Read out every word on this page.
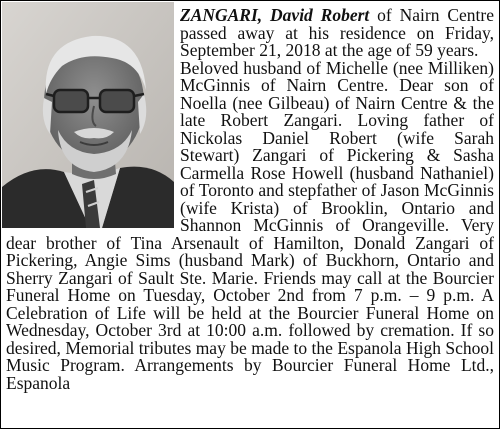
ZANGARI, David Robert of Nairn Centre passed away at his residence on Friday, September 21, 2018 at the age of 59 years.

Beloved husband of Michelle (nee Milliken) McGinnis of Nairn Centre. Dear son of Noella (nee Gilbeau) of Nairn Centre & the late Robert Zangari. Loving father of Nickolas Daniel Robert (wife Sarah Stewart) Zangari of Pickering & Sasha Carmella Rose Howell (husband Nathaniel) of Toronto and stepfather of Jason McGinnis (wife Krista) of Brooklin, Ontario and Shannon McGinnis of Orangeville. Very dear brother of Tina Arsenault of Hamilton, Donald Zangari of Pickering, Angie Sims (husband Mark) of Buckhorn, Ontario and Sherry Zangari of Sault Ste. Marie. Friends may call at the Bourcier Funeral Home on Tuesday, October 2nd from 7 p.m. – 9 p.m. A Celebration of Life will be held at the Bourcier Funeral Home on Wednesday, October 3rd at 10:00 a.m. followed by cremation. If so desired, Memorial tributes may be made to the Espanola High School Music Program. Arrangements by Bourcier Funeral Home Ltd., Espanola
